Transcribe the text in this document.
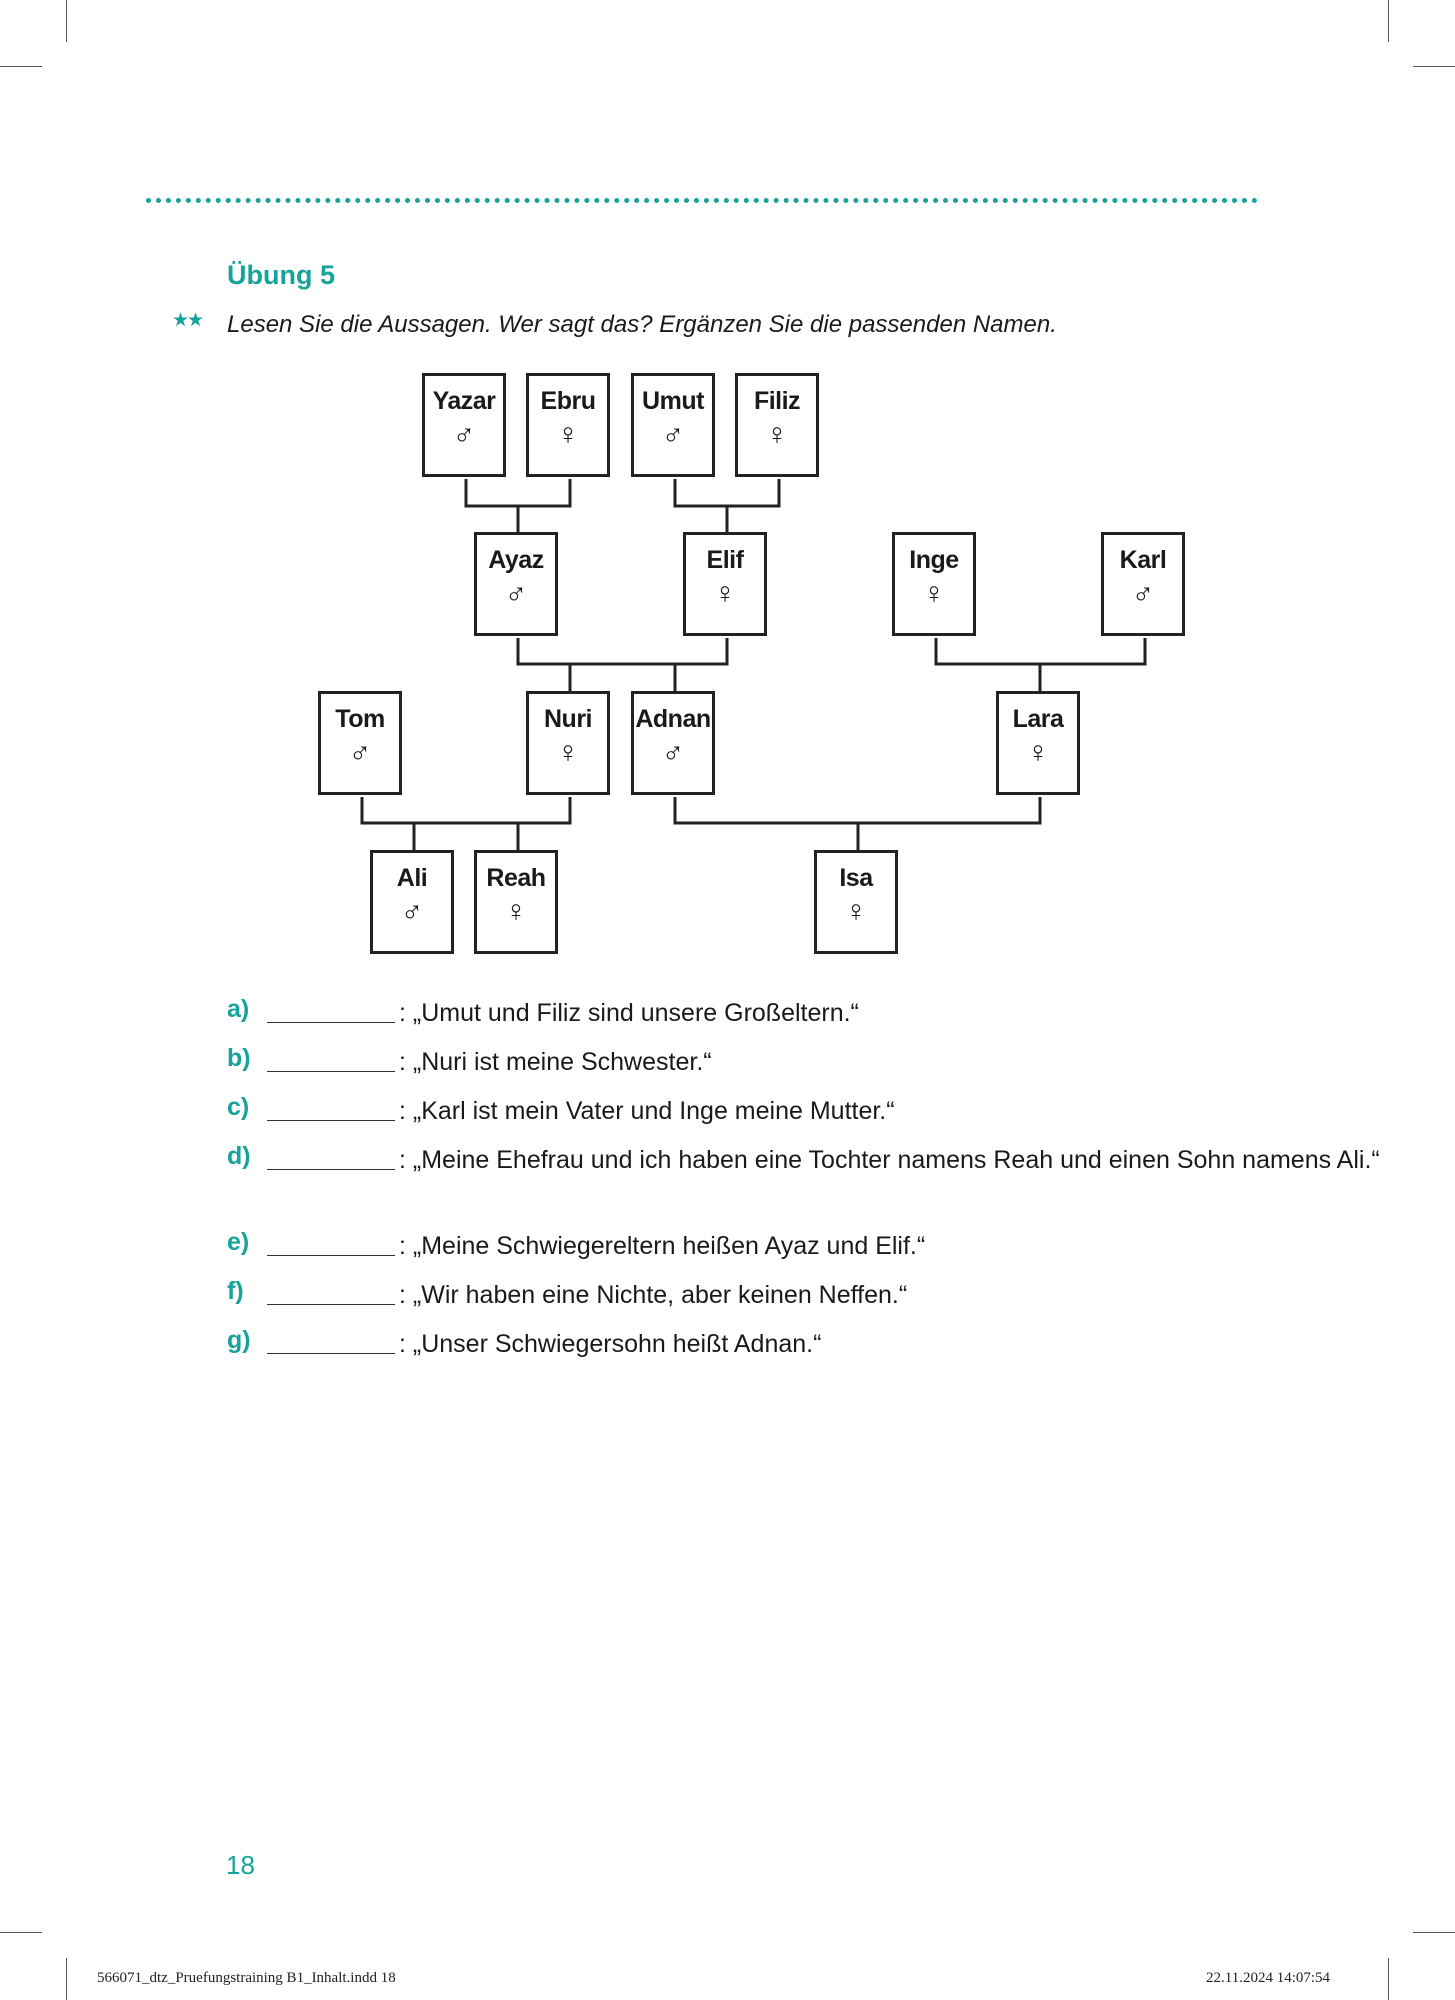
Übung 5
★★ Lesen Sie die Aussagen. Wer sagt das? Ergänzen Sie die passenden Namen.
Yazar
♂
Ebru
♀
Umut
♂
Filiz
♀
Ayaz
♂
Elif
♀
Inge
♀
Karl
♂
Tom
♂
Nuri
♀
Adnan
♂
Lara
♀
Ali
♂
Reah
♀
Isa
♀
a)	: „Umut und Filiz sind unsere Großeltern.“
b)	: „Nuri ist meine Schwester.“
c)	: „Karl ist mein Vater und Inge meine Mutter.“
d)	: „Meine Ehefrau und ich haben eine Tochter namens Reah und einen Sohn namens Ali.“
e)	: „Meine Schwiegereltern heißen Ayaz und Elif.“
f)	: „Wir haben eine Nichte, aber keinen Neffen.“
g)	: „Unser Schwiegersohn heißt Adnan.“
18
566071_dtz_Pruefungstraining B1_Inhalt.indd 18	22.11.2024 14:07:54
